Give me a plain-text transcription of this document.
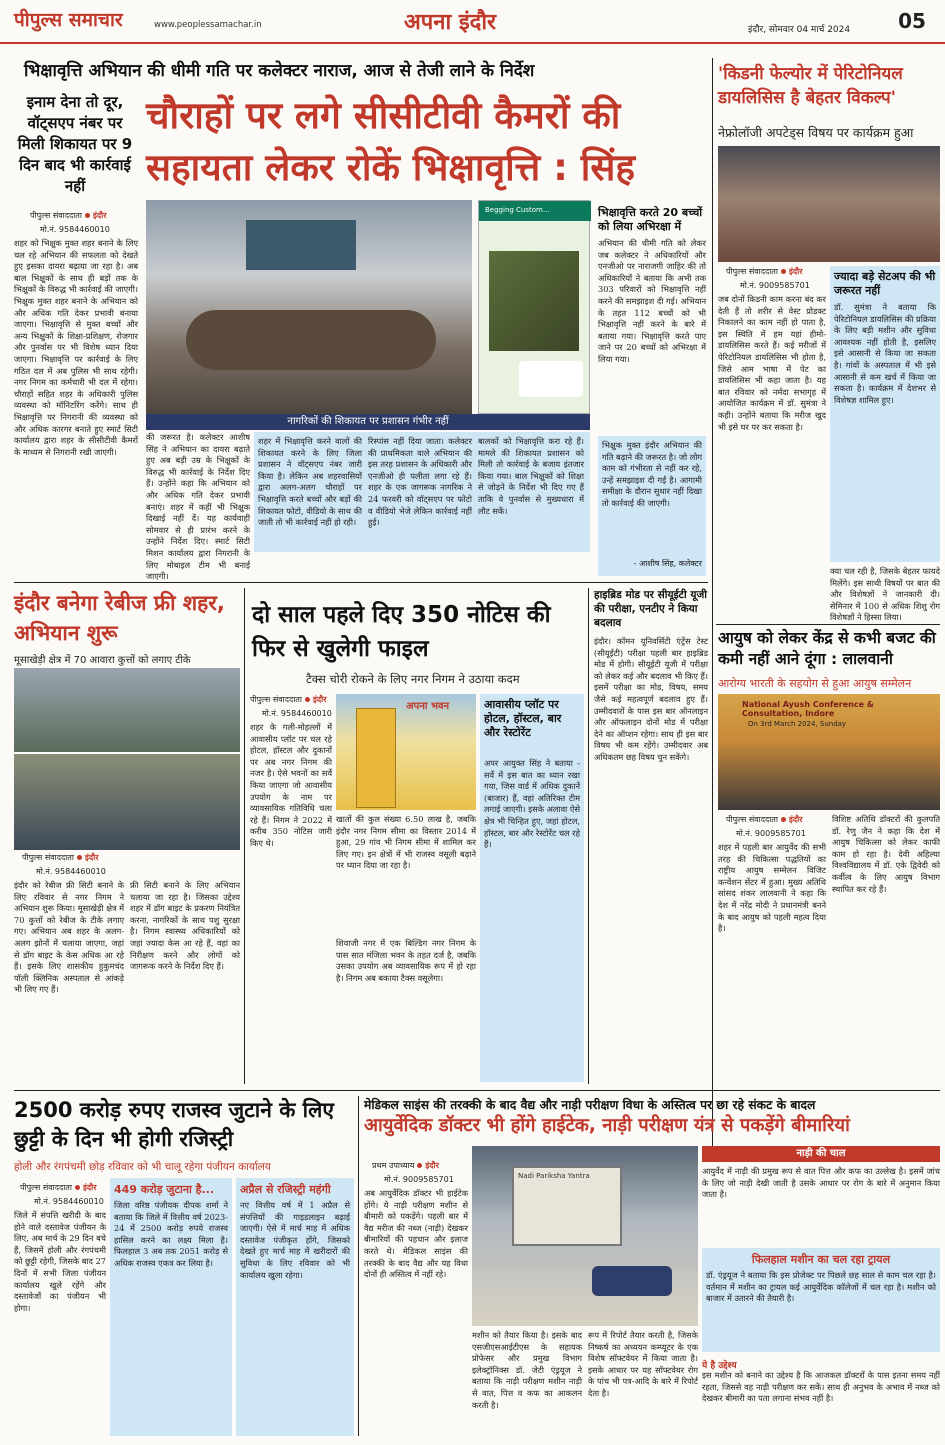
पीपुल्स समाचार	www.peoplessamachar.in	अपना इंदौर	इंदौर, सोमवार 04 मार्च 2024	05
भिक्षावृत्ति अभियान की धीमी गति पर कलेक्टर नाराज, आज से तेजी लाने के निर्देश
इनाम देना तो दूर, वॉट्सएप नंबर पर मिली शिकायत पर 9 दिन बाद भी कार्रवाई नहीं
चौराहों पर लगे सीसीटीवी कैमरों की सहायता लेकर रोकें भिक्षावृत्ति : सिंह
पीपुल्स संवाददाता इंदौर
मो.नं. 9584460010
शहर को भिक्षुक मुक्त शहर बनाने के लिए चल रहे अभियान की सफलता को देखते हुए इसका दायरा बढ़ाया जा रहा है। अब बाल भिक्षुकों के साथ ही बड़ों तक के भिक्षुकों के विरुद्ध भी कार्रवाई की जाएगी। भिक्षुक मुक्त शहर बनाने के अभियान को और अधिक गति देकर प्रभावी बनाया जाएगा। भिक्षावृत्ति से मुक्त बच्चों और अन्य भिक्षुकों के शिक्षा-प्रशिक्षण, रोजगार और पुनर्वास पर भी विशेष ध्यान दिया जाएगा। भिक्षावृत्ति पर कार्रवाई के लिए गठित दल में अब पुलिस भी साथ रहेगी। नगर निगम का कर्मचारी भी दल में रहेगा। चौराहों सहित शहर के अधिकारी पुलिस व्यवस्था को मॉनिटरिंग करेंगे। साथ ही भिक्षावृत्ति पर निगरानी की व्यवस्था को और अधिक कारगर बनाते हुए स्मार्ट सिटी कार्यालय द्वारा शहर के सीसीटीवी कैमरों के माध्यम से निगरानी रखी जाएगी।
Begging Custom...
नागरिकों की शिकायत पर प्रशासन गंभीर नहीं
की जरूरत है। कलेक्टर आशीष सिंह ने अभियान का दायरा बढ़ाते हुए अब बड़ी उम्र के भिक्षुकों के विरुद्ध भी कार्रवाई के निर्देश दिए हैं। उन्होंने कहा कि अभियान को और अधिक गति देकर प्रभावी बनाएं। शहर में कहीं भी भिक्षुक दिखाई नहीं दें। यह कार्यवाही सोमवार से ही प्रारंभ करने के उन्होंने निर्देश दिए। स्मार्ट सिटी मिशन कार्यालय द्वारा निगरानी के लिए मोबाइल टीम भी बनाई जाएगी।
शहर में भिक्षावृत्ति करने वालों की शिकायत करने के लिए जिला प्रशासन ने वॉट्सएप नंबर जारी किया है। लेकिन अब शहरवासियों द्वारा अलग-अलग चौराहों पर भिक्षावृत्ति करते बच्चों और बड़ों की शिकायत फोटो, वीडियो के साथ की जाती तो भी कार्रवाई नहीं हो रही।
रिस्पांस नहीं दिया जाता। कलेक्टर की प्राथमिकता वाले अभियान की इस तरह प्रशासन के अधिकारी और एनजीओ ही पलीता लगा रहे हैं। शहर के एक जागरूक नागरिक ने 24 फरवरी को वॉट्सएप पर फोटो व वीडियो भेजे लेकिन कार्रवाई नहीं हुई।
बालकों को भिक्षावृत्ति करा रहे हैं। मामले की शिकायत प्रशासन को मिली तो कार्रवाई के बजाय इंतजार किया गया। बाल भिक्षुकों को शिक्षा से जोड़ने के निर्देश भी दिए गए हैं ताकि वे पुनर्वास से मुख्यधारा में लौट सकें।
भिक्षावृत्ति करते 20 बच्चों को लिया अभिरक्षा में
अभियान की धीमी गति को लेकर जब कलेक्टर ने अधिकारियों और एनजीओ पर नाराजगी जाहिर की तो अधिकारियों ने बताया कि अभी तक 303 परिवारों को भिक्षावृत्ति नहीं करने की समझाइश दी गई। अभियान के तहत 112 बच्चों को भी भिक्षावृत्ति नहीं करने के बारे में बताया गया। भिक्षावृत्ति करते पाए जाने पर 20 बच्चों को अभिरक्षा में लिया गया।
भिक्षुक मुक्त इंदौर अभियान की गति बढ़ाने की जरूरत है। जो लोग काम को गंभीरता से नहीं कर रहे, उन्हें समझाइश दी गई है। आगामी समीक्षा के दौरान सुधार नहीं दिखा तो कार्रवाई की जाएगी।
- आशीष सिंह, कलेक्टर
'किडनी फेल्योर में पेरिटोनियल डायलिसिस है बेहतर विकल्प'
नेफ्रोलॉजी अपटेड्स विषय पर कार्यक्रम हुआ
पीपुल्स संवाददाता इंदौर
मो.नं. 9009585701
जब दोनों किडनी काम करना बंद कर देती हैं तो शरीर से वेस्ट प्रोडक्ट निकालने का काम नहीं हो पाता है, इस स्थिति में हम यहां हीमो-डायलिसिस करते हैं। कई मरीजों में पेरिटोनियल डायलिसिस भी होता है, जिसे आम भाषा में पेट का डायलिसिस भी कहा जाता है। यह बात रविवार को नर्मदा सभागृह में आयोजित कार्यक्रम में डॉ. सुमंत्रा ने कही। उन्होंने बताया कि मरीज खुद भी इसे घर पर कर सकता है।
ज्यादा बड़े सेटअप की भी जरूरत नहीं
डॉ. सुमंत्रा ने बताया कि पेरिटोनियल डायलिसिस की प्रक्रिया के लिए बड़ी मशीन और सुविधा आवश्यक नहीं होती है, इसलिए इसे आसानी से किया जा सकता है। गांवों के अस्पताल में भी इसे आसानी से कम खर्च में किया जा सकता है। कार्यक्रम में देशभर से विशेषज्ञ शामिल हुए।
क्या चल रही है, जिसके बेहतर फायदे मिलेंगे। इस साथी विषयों पर बात की और विशेषज्ञों ने जानकारी दी। सेमिनार में 100 से अधिक शिशु रोग विशेषज्ञों ने हिस्सा लिया।
इंदौर बनेगा रेबीज फ्री शहर, अभियान शुरू
मूसाखेड़ी क्षेत्र में 70 आवारा कुत्तों को लगाए टीके
पीपुल्स संवाददाता इंदौर
मो.नं. 9584460010
इंदौर को रेबीज फ्री सिटी बनाने के लिए रविवार से नगर निगम ने अभियान शुरू किया। मूसाखेड़ी क्षेत्र में 70 कुत्तों को रेबीज के टीके लगाए गए। अभियान अब शहर के अलग-अलग झोनों में चलाया जाएगा, जहां से डॉग बाइट के केस अधिक आ रहे हैं। इसके लिए शासकीय हुकुमचंद पॉली क्लिनिक अस्पताल से आंकड़े भी लिए गए हैं।
फ्री सिटी बनाने के लिए अभियान चलाया जा रहा है। जिसका उद्देश्य शहर में डॉग बाइट के प्रकरण नियंत्रित करना, नागरिकों के साथ पशु सुरक्षा है। निगम स्वास्थ्य अधिकारियों को जहां ज्यादा केस आ रहे हैं, वहां का निरीक्षण करने और लोगों को जागरूक करने के निर्देश दिए हैं।
दो साल पहले दिए 350 नोटिस की फिर से खुलेगी फाइल
टैक्स चोरी रोकने के लिए नगर निगम ने उठाया कदम
पीपुल्स संवाददाता इंदौर
मो.नं. 9584460010
शहर के गली-मोहल्लों में आवासीय प्लॉट पर चल रहे होटल, हॉस्टल और दुकानों पर अब नगर निगम की नजर है। ऐसे भवनों का सर्वे किया जाएगा जो आवासीय उपयोग के नाम पर व्यावसायिक गतिविधि चला रहे हैं। निगम ने 2022 में करीब 350 नोटिस जारी किए थे।
अपना भवन
खातों की कुल संख्या 6.50 लाख है, जबकि इंदौर नगर निगम सीमा का विस्तार 2014 में हुआ, 29 गांव भी निगम सीमा में शामिल कर लिए गए। इन क्षेत्रों में भी राजस्व वसूली बढ़ाने पर ध्यान दिया जा रहा है।
शिवाजी नगर में एक बिल्डिंग नगर निगम के पास सात मंजिला भवन के तहत दर्ज है, जबकि उसका उपयोग अब व्यावसायिक रूप में हो रहा है। निगम अब बकाया टैक्स वसूलेगा।
आवासीय प्लॉट पर होटल, हॉस्टल, बार और रेस्टोरेंट
अपर आयुक्त सिंह ने बताया - सर्वे में इस बात का ध्यान रखा गया, जिस वार्ड में अधिक दुकानें (बाजार) हैं, वहां अतिरिक्त टीम लगाई जाएगी। इसके अलावा ऐसे क्षेत्र भी चिन्हित हुए, जहां होटल, हॉस्टल, बार और रेस्टोरेंट चल रहे हैं।
हाइब्रिड मोड पर सीयूईटी यूजी की परीक्षा, एनटीए ने किया बदलाव
इंदौर। कॉमन यूनिवर्सिटी एंट्रेंस टेस्ट (सीयूईटी) परीक्षा पहली बार हाइब्रिड मोड में होगी। सीयूईटी यूजी में परीक्षा को लेकर कई और बदलाव भी किए हैं। इसमें परीक्षा का मोड, विषय, समय जैसे कई महत्वपूर्ण बदलाव हुए हैं। उम्मीदवारों के पास इस बार ऑनलाइन और ऑफलाइन दोनों मोड में परीक्षा देने का ऑप्शन रहेगा। साथ ही इस बार विषय भी कम रहेंगे। उम्मीदवार अब अधिकतम छह विषय चुन सकेंगे।
आयुष को लेकर केंद्र से कभी बजट की कमी नहीं आने दूंगा : लालवानी
आरोग्य भारती के सहयोग से हुआ आयुष सम्मेलन
National Ayush Conference & Consultation, Indore
On 3rd March 2024, Sunday
पीपुल्स संवाददाता इंदौर
मो.नं. 9009585701
शहर में पहली बार आयुर्वेद की सभी तरह की चिकित्सा पद्धतियों का राष्ट्रीय आयुष सम्मेलन विजिट कन्वेंशन सेंटर में हुआ। मुख्य अतिथि सांसद शंकर लालवानी ने कहा कि देश में नरेंद्र मोदी ने प्रधानमंत्री बनने के बाद आयुष को पहली महत्व दिया है।
विशिष्ट अतिथि डॉक्टरों की कुलपति डॉ. रेणु जैन ने कहा कि देश में आयुष चिकित्सा को लेकर काफी काम हो रहा है। देवी अहिल्या विश्वविद्यालय में डॉ. एके द्विवेदी को कर्वीत्व के लिए आयुष विभाग स्थापित कर रहे हैं।
2500 करोड़ रुपए राजस्व जुटाने के लिए छुट्टी के दिन भी होगी रजिस्ट्री
होली और रंगपंचमी छोड़ रविवार को भी चालू रहेगा पंजीयन कार्यालय
पीपुल्स संवाददाता इंदौर
मो.नं. 9584460010
जिले में संपत्ति खरीदी के बाद होने वाले दस्तावेज पंजीयन के लिए, अब मार्च के 29 दिन बचे हैं, जिसमें होली और रंगपंचमी को छुट्टी रहेगी, जिसके बाद 27 दिनों में सभी जिला पंजीयन कार्यालय खुले रहेंगे और दस्तावेजों का पंजीयन भी होगा।
449 करोड़ जुटाना है...
जिला वरिष्ठ पंजीयक दीपक शर्मा ने बताया कि जिले में वित्तीय वर्ष 2023-24 में 2500 करोड़ रुपये राजस्व हासिल करने का लक्ष्य मिला है। फिलहाल 3 अब तक 2051 करोड़ से अधिक राजस्व एकत्र कर लिया है।
अप्रैल से रजिस्ट्री महंगी
नए वित्तीय वर्ष में 1 अप्रैल से संपत्तियों की गाइडलाइन बढ़ाई जाएगी। ऐसे में मार्च माह में अधिक दस्तावेज पंजीकृत होंगे, जिसको देखते हुए मार्च माह में खरीदारों की सुविधा के लिए रविवार को भी कार्यालय खुला रहेगा।
मेडिकल साइंस की तरक्की के बाद वैद्य और नाड़ी परीक्षण विधा के अस्तित्व पर छा रहे संकट के बादल
आयुर्वेदिक डॉक्टर भी होंगे हाईटेक, नाड़ी परीक्षण यंत्र से पकड़ेंगे बीमारियां
प्रथम उपाध्याय इंदौर
मो.नं. 9009585701
अब आयुर्वेदिक डॉक्टर भी हाईटेक होंगे। ये नाड़ी परीक्षण मशीन से बीमारी को पकड़ेंगे। पहली बार में वैद्य मरीज की नब्ज (नाड़ी) देखकर बीमारियों की पहचान और इलाज करते थे। मेडिकल साइंस की तरक्की के बाद वैद्य और यह विधा दोनों ही अस्तित्व में नहीं रहे।
Nadi Pariksha Yantra
मशीन को तैयार किया है। इसके बाद एसजीएसआईटीएस के सहायक प्रोफेसर और प्रमुख विभाग इलेक्ट्रॉनिक्स डॉ. जेटी एंड्रयूज ने बताया कि नाड़ी परीक्षण मशीन नाड़ी से वात, पित्त व कफ का आकलन करती है।
रूप में रिपोर्ट तैयार करती है, जिसके निष्कर्ष का अध्ययन कम्प्यूटर के एक विशेष सॉफ्टवेयर में किया जाता है। इसके आधार पर यह सॉफ्टवेयर रोग के पांच भी पत्र-आदि के बारे में रिपोर्ट देता है।
नाड़ी की चाल
आयुर्वेद में नाड़ी की प्रमुख रूप से वात पित्त और कफ का उल्लेख है। इसमें जांच के लिए जो नाड़ी देखी जाती है उसके आधार पर रोग के बारे में अनुमान किया जाता है।
फिलहाल मशीन का चल रहा ट्रायल
डॉ. एंड्रयूज ने बताया कि इस प्रोजेक्ट पर पिछले छह साल से काम चल रहा है। वर्तमान में मशीन का ट्रायल कई आयुर्वेदिक कॉलेजों में चल रहा है। मशीन को बाजार में उतारने की तैयारी है।
ये है उद्देश्य
इस मशीन को बनाने का उद्देश्य है कि आजकल डॉक्टरों के पास इतना समय नहीं रहता, जिससे वह नाड़ी परीक्षण कर सकें। साथ ही अनुभव के अभाव में नब्ज को देखकर बीमारी का पता लगाना संभव नहीं है।
